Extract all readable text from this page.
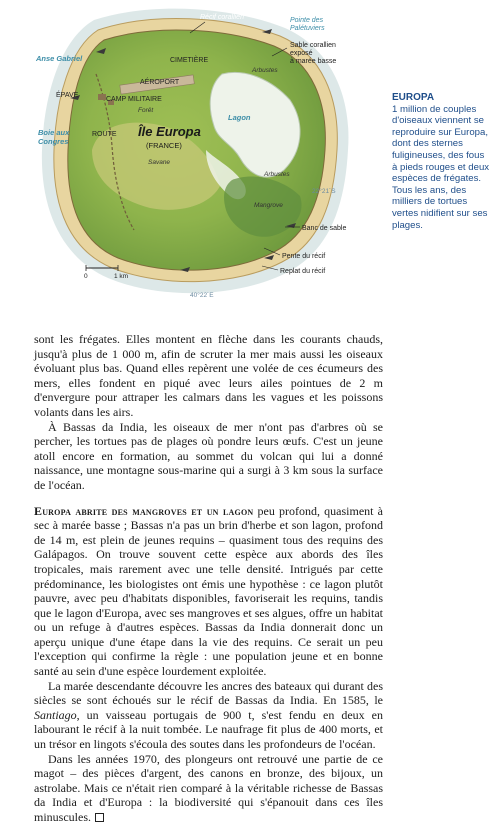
Récif corallien	Pointe des
Palétuviers
Sable corallien
exposé
à marée basse
Anse Gabriel	CIMETIÈRE
Arbustes
AÉROPORT
ÉPAVE
CAMP MILITAIRE
Lagon
Forêt
Boie aux
Congres
ROUTE Île Europa
(FRANCE)
Arbustes
Savane
Mangrove
22°21´S
Banc de sable
Pente du récif
Replat du récif
0	1 km
40°22´E
EUROPA

1 million de couples d'oiseaux viennent se reproduire sur Europa, dont des sternes fuligineuses, des fous à pieds rouges et deux espèces de frégates. Tous les ans, des milliers de tortues vertes nidifient sur ses plages.

sont les frégates. Elles montent en flèche dans les courants chauds, jusqu'à plus de 1 000 m, afin de scruter la mer mais aussi les oiseaux évoluant plus bas. Quand elles repèrent une volée de ces écumeurs des mers, elles fondent en piqué avec leurs ailes pointues de 2 m d'envergure pour attraper les calmars dans les vagues et les poissons volants dans les airs.

À Bassas da India, les oiseaux de mer n'ont pas d'arbres où se percher, les tortues pas de plages où pondre leurs œufs. C'est un jeune atoll encore en formation, au sommet du volcan qui lui a donné naissance, une montagne sous-marine qui a surgi à 3 km sous la surface de l'océan.

Europa abrite des mangroves et un lagon peu profond, quasiment à sec à marée basse ; Bassas n'a pas un brin d'herbe et son lagon, profond de 14 m, est plein de jeunes requins – quasiment tous des requins des Galápagos. On trouve souvent cette espèce aux abords des îles tropicales, mais rarement avec une telle densité. Intrigués par cette prédominance, les biologistes ont émis une hypothèse : ce lagon plutôt pauvre, avec peu d'habitats disponibles, favoriserait les requins, tandis que le lagon d'Europa, avec ses mangroves et ses algues, offre un habitat ou un refuge à d'autres espèces. Bassas da India donnerait donc un aperçu unique d'une étape dans la vie des requins. Ce serait un peu l'exception qui confirme la règle : une population jeune et en bonne santé au sein d'une espèce lourdement exploitée.

La marée descendante découvre les ancres des bateaux qui durant des siècles se sont échoués sur le récif de Bassas da India. En 1585, le Santiago, un vaisseau portugais de 900 t, s'est fendu en deux en labourant le récif à la nuit tombée. Le naufrage fit plus de 400 morts, et un trésor en lingots s'écoula des soutes dans les profondeurs de l'océan.

Dans les années 1970, des plongeurs ont retrouvé une partie de ce magot – des pièces d'argent, des canons en bronze, des bijoux, un astrolabe. Mais ce n'était rien comparé à la véritable richesse de Bassas da India et d'Europa : la biodiversité qui s'épanouit dans ces îles minuscules.
